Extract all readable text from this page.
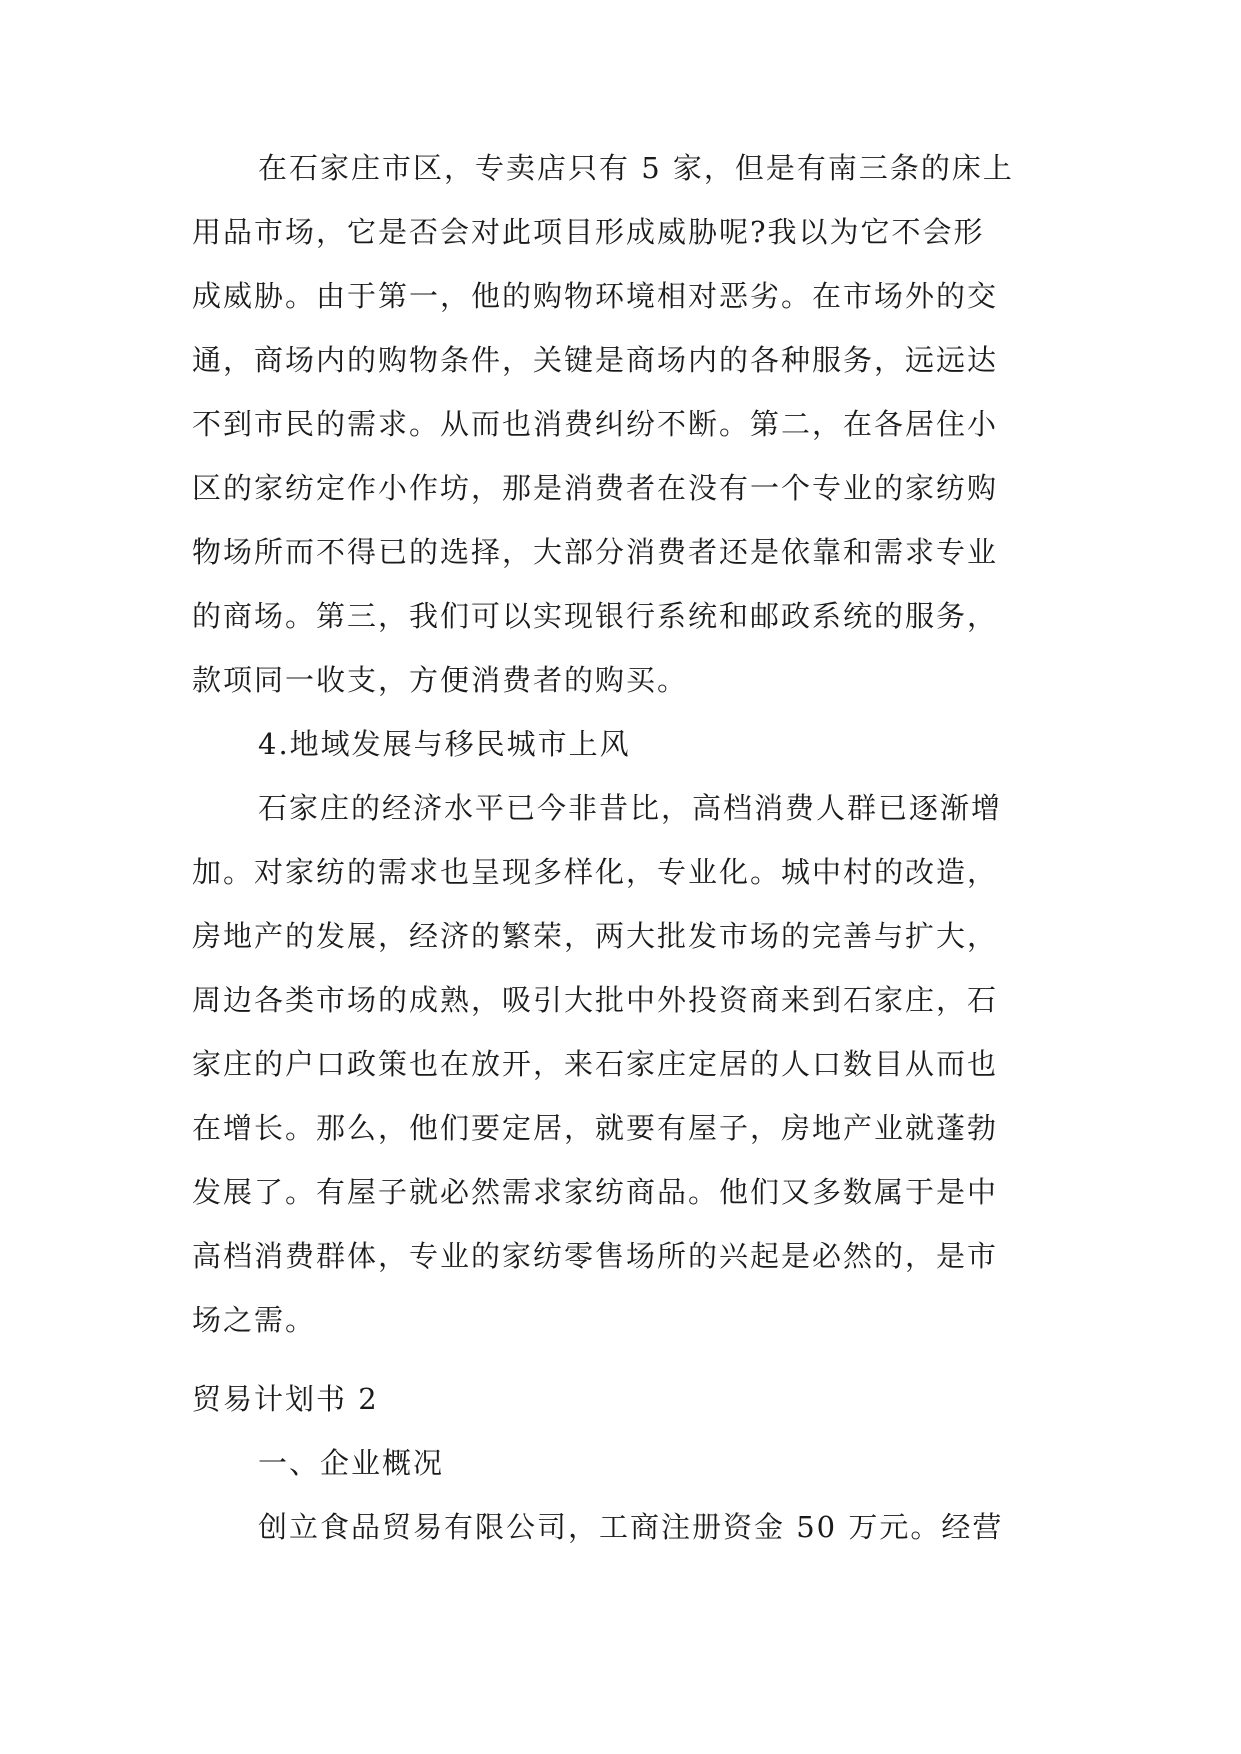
在石家庄市区，专卖店只有 5 家，但是有南三条的床上
用品市场，它是否会对此项目形成威胁呢?我以为它不会形
成威胁。由于第一，他的购物环境相对恶劣。在市场外的交
通，商场内的购物条件，关键是商场内的各种服务，远远达
不到市民的需求。从而也消费纠纷不断。第二，在各居住小
区的家纺定作小作坊，那是消费者在没有一个专业的家纺购
物场所而不得已的选择，大部分消费者还是依靠和需求专业
的商场。第三，我们可以实现银行系统和邮政系统的服务，
款项同一收支，方便消费者的购买。
4.地域发展与移民城市上风
石家庄的经济水平已今非昔比，高档消费人群已逐渐增
加。对家纺的需求也呈现多样化，专业化。城中村的改造，
房地产的发展，经济的繁荣，两大批发市场的完善与扩大，
周边各类市场的成熟，吸引大批中外投资商来到石家庄，石
家庄的户口政策也在放开，来石家庄定居的人口数目从而也
在增长。那么，他们要定居，就要有屋子，房地产业就蓬勃
发展了。有屋子就必然需求家纺商品。他们又多数属于是中
高档消费群体，专业的家纺零售场所的兴起是必然的，是市
场之需。
贸易计划书 2
一、企业概况
创立食品贸易有限公司，工商注册资金 50 万元。经营
